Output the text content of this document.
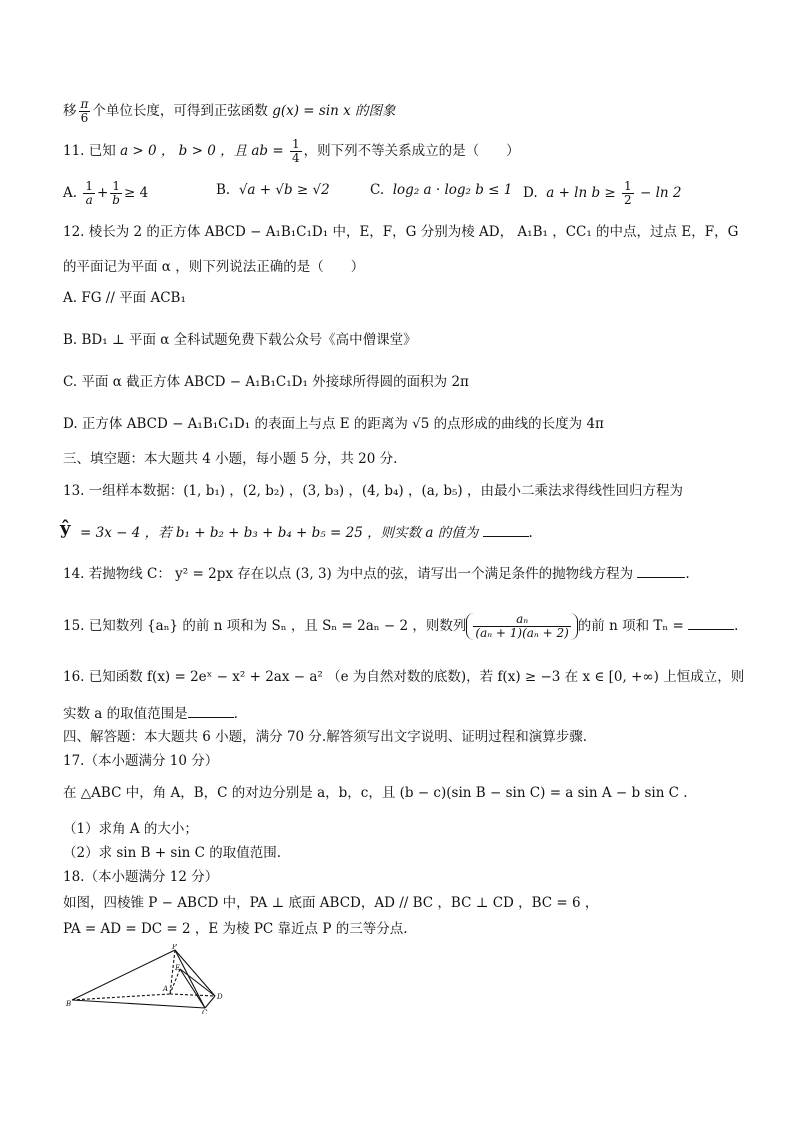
移 $\frac{\pi}{6}$ 个单位长度，可得到正弦函数 g(x) = sin x 的图象
11. 已知 a > 0 ， b > 0 ，且 ab = $\frac{1}{4}$ ，则下列不等关系成立的是（　　）
A. $\frac{1}{a} + \frac{1}{b} \ge 4$	B. √a + √b ≥ √2	C. log₂ a · log₂ b ≤ 1 D. $a + \ln b \ge \frac{1}{2} - \ln 2$
12. 棱长为 2 的正方体 ABCD − A₁B₁C₁D₁ 中，E，F，G 分别为棱 AD， A₁B₁ ，CC₁ 的中点，过点 E，F，G
的平面记为平面 α ，则下列说法正确的是（　　）
A. FG // 平面 ACB₁
B. BD₁ ⊥ 平面 α 全科试题免费下载公众号《高中僧课堂》
C. 平面 α 截正方体 ABCD − A₁B₁C₁D₁ 外接球所得圆的面积为 2π
D. 正方体 ABCD − A₁B₁C₁D₁ 的表面上与点 E 的距离为 √5 的点形成的曲线的长度为 4π
三、填空题：本大题共 4 小题，每小题 5 分，共 20 分.
13. 一组样本数据：(1, b₁) ，(2, b₂) ，(3, b₃) ，(4, b₄) ，(a, b₅) ，由最小二乘法求得线性回归方程为
ŷ = 3x − 4 ，若 b₁ + b₂ + b₃ + b₄ + b₅ = 25 ，则实数 a 的值为	.
14. 若抛物线 C： y² = 2px 存在以点 (3, 3) 为中点的弦，请写出一个满足条件的抛物线方程为	.
15. 已知数列 {aₙ} 的前 n 项和为 Sₙ ，且 Sₙ = 2aₙ − 2 ，则数列 $\frac{\text{aₙ}}{\text{(aₙ + 1)(aₙ + 2)}}$ 的前 n 项和 Tₙ =	.
16. 已知函数 f(x) = 2eˣ − x² + 2ax − a² （e 为自然对数的底数)，若 f(x) ≥ −3 在 x ∈ [0, +∞) 上恒成立，则
实数 a 的取值范围是	.
四、解答题：本大题共 6 小题，满分 70 分.解答须写出文字说明、证明过程和演算步骤.
17.（本小题满分 10 分）
在 △ABC 中，角 A，B，C 的对边分别是 a，b，c，且 (b − c)(sin B − sin C) = a sin A − b sin C .
（1）求角 A 的大小；
（2）求 sin B + sin C 的取值范围.
18.（本小题满分 12 分）
如图，四棱锥 P − ABCD 中，PA ⊥ 底面 ABCD，AD // BC ，BC ⊥ CD ，BC = 6 ，
PA = AD = DC = 2 ，E 为棱 PC 靠近点 P 的三等分点.
P
E
A
B
C
D
